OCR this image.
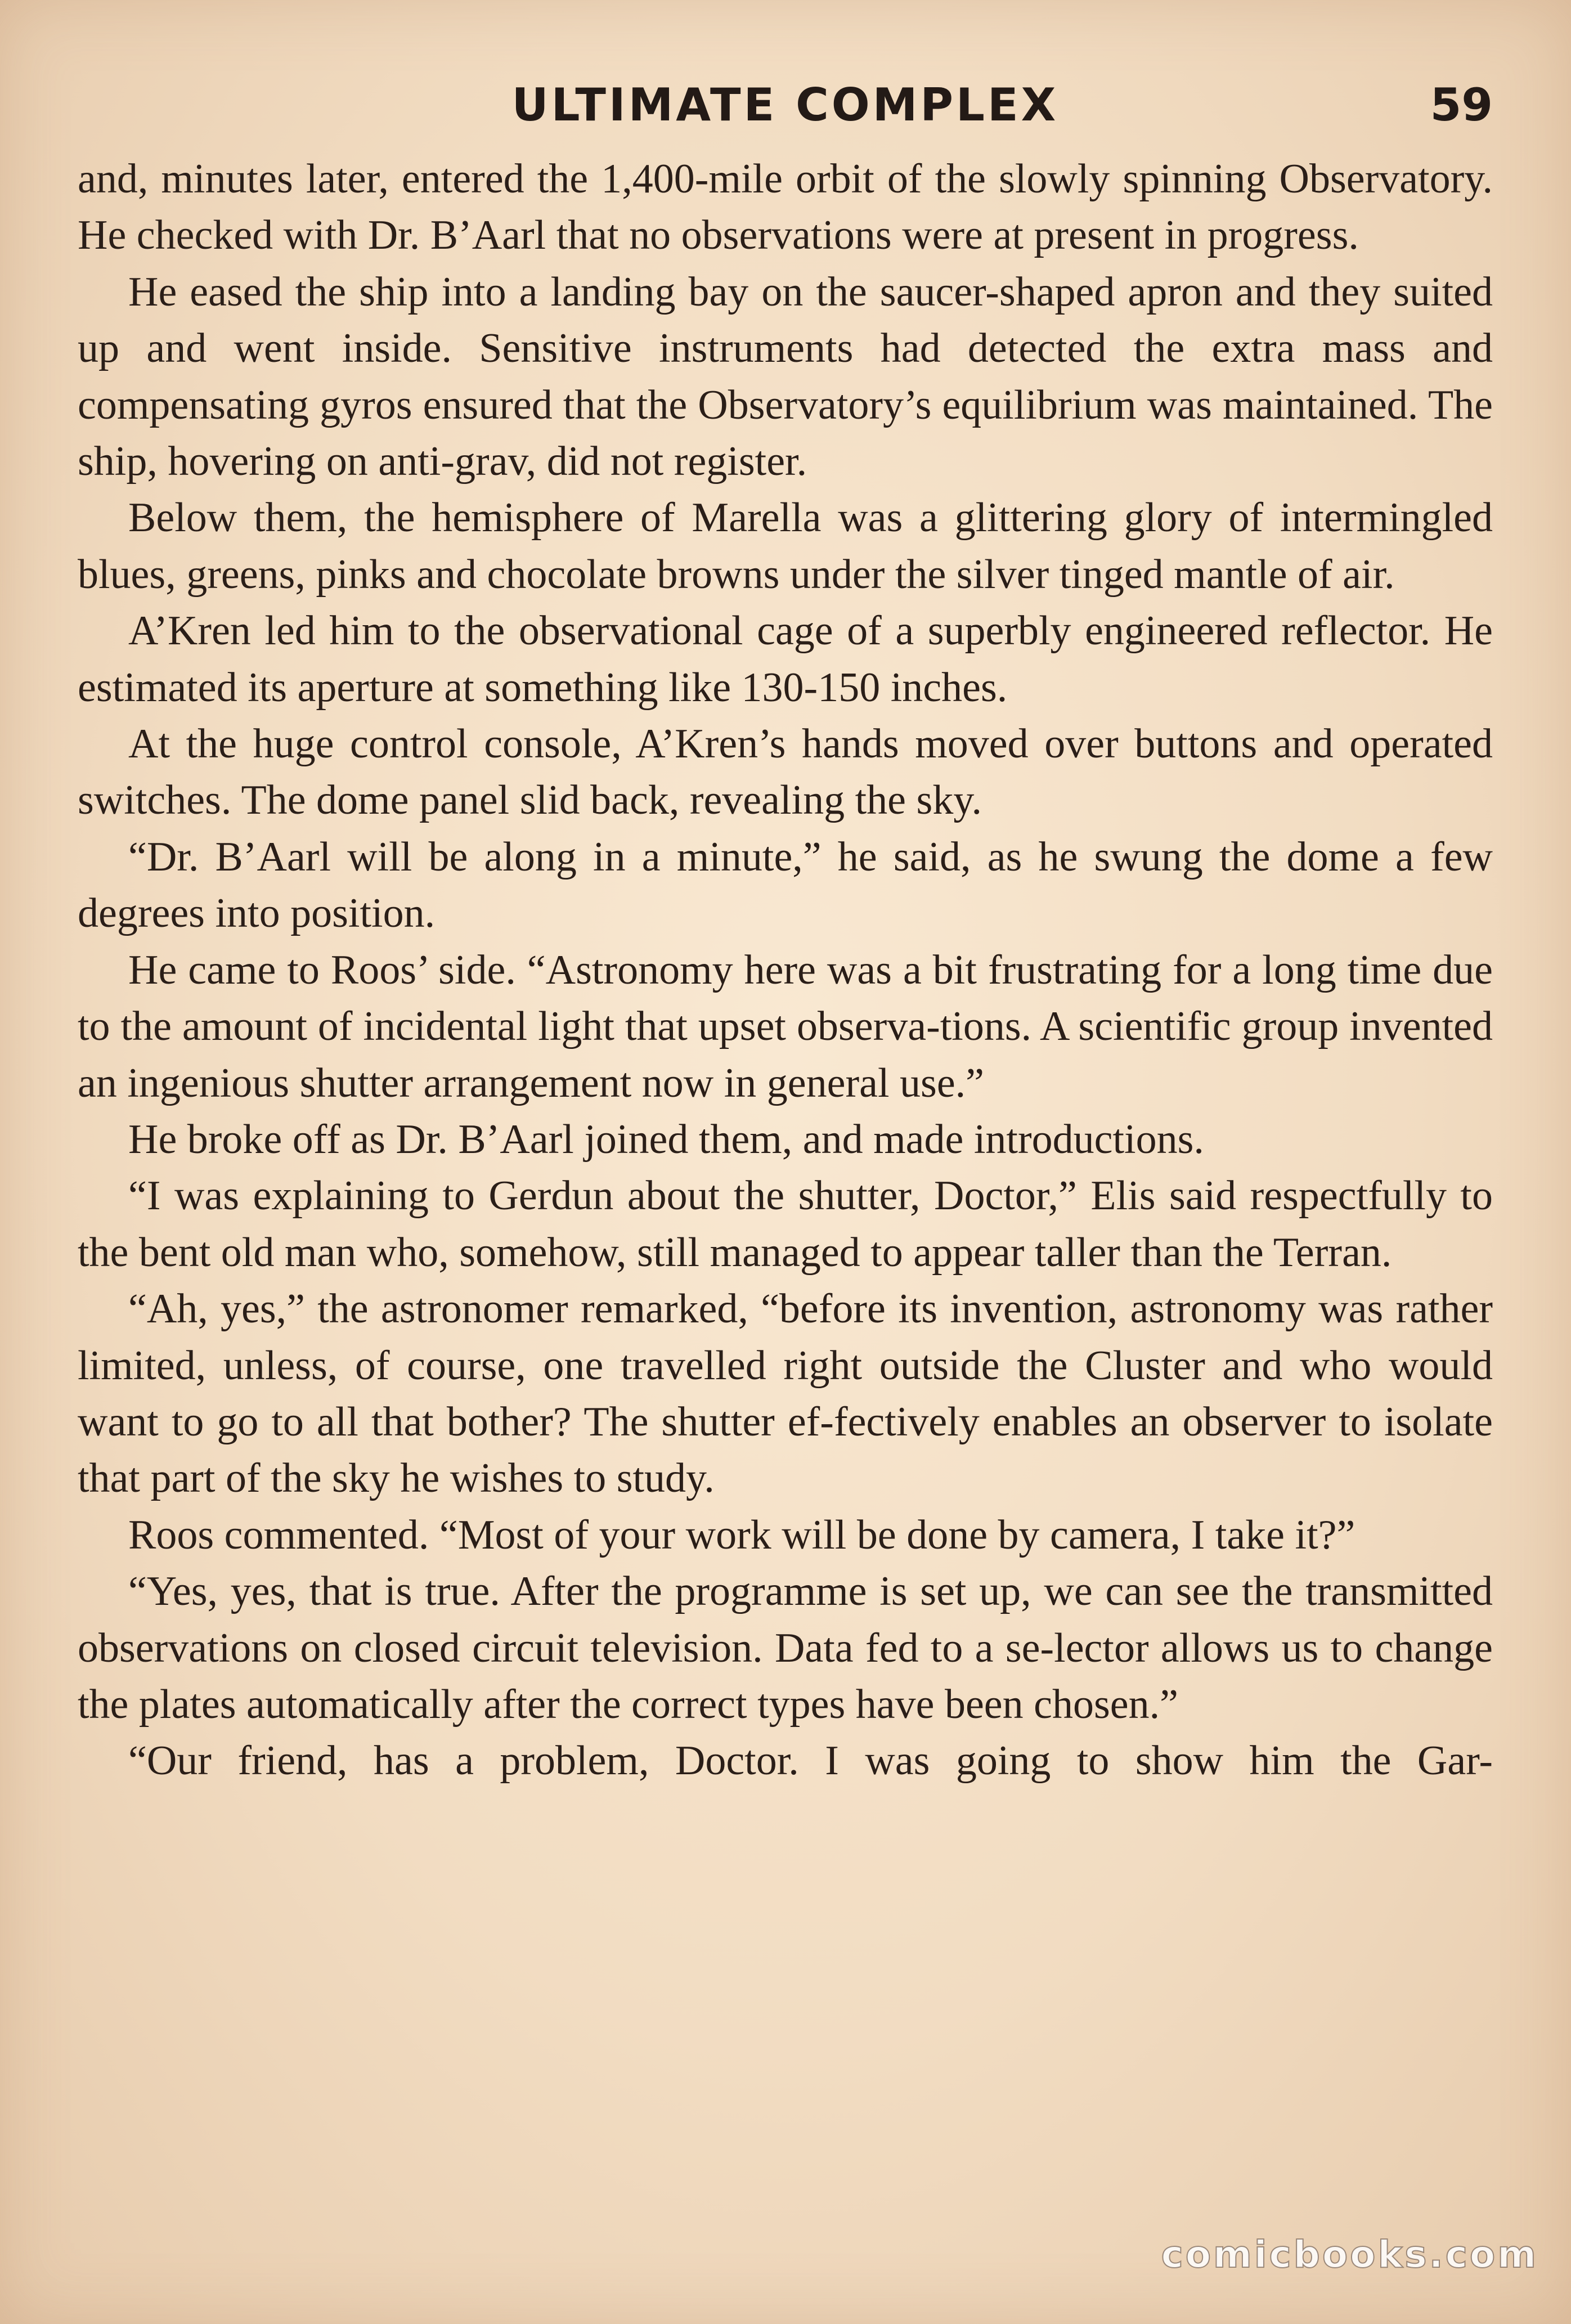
ULTIMATE COMPLEX	59

and, minutes later, entered the 1,400-mile orbit of the slowly spinning Observatory. He checked with Dr. B’Aarl that no observations were at present in progress.

He eased the ship into a landing bay on the saucer-shaped apron and they suited up and went inside. Sensitive instruments had detected the extra mass and compensating gyros ensured that the Observatory’s equilibrium was maintained. The ship, hovering on anti-grav, did not register.

Below them, the hemisphere of Marella was a glittering glory of intermingled blues, greens, pinks and chocolate browns under the silver tinged mantle of air.

A’Kren led him to the observational cage of a superbly engineered reflector. He estimated its aperture at something like 130-150 inches.

At the huge control console, A’Kren’s hands moved over buttons and operated switches. The dome panel slid back, revealing the sky.

“Dr. B’Aarl will be along in a minute,” he said, as he swung the dome a few degrees into position.

He came to Roos’ side. “Astronomy here was a bit frustrating for a long time due to the amount of incidental light that upset observa-tions. A scientific group invented an ingenious shutter arrangement now in general use.”

He broke off as Dr. B’Aarl joined them, and made introductions.

“I was explaining to Gerdun about the shutter, Doctor,” Elis said respectfully to the bent old man who, somehow, still managed to appear taller than the Terran.

“Ah, yes,” the astronomer remarked, “before its invention, astronomy was rather limited, unless, of course, one travelled right outside the Cluster and who would want to go to all that bother? The shutter ef-fectively enables an observer to isolate that part of the sky he wishes to study.

Roos commented. “Most of your work will be done by camera, I take it?”

“Yes, yes, that is true. After the programme is set up, we can see the transmitted observations on closed circuit television. Data fed to a se-lector allows us to change the plates automatically after the correct types have been chosen.”

“Our friend, has a problem, Doctor. I was going to show him the Gar-

comicbooks.com
